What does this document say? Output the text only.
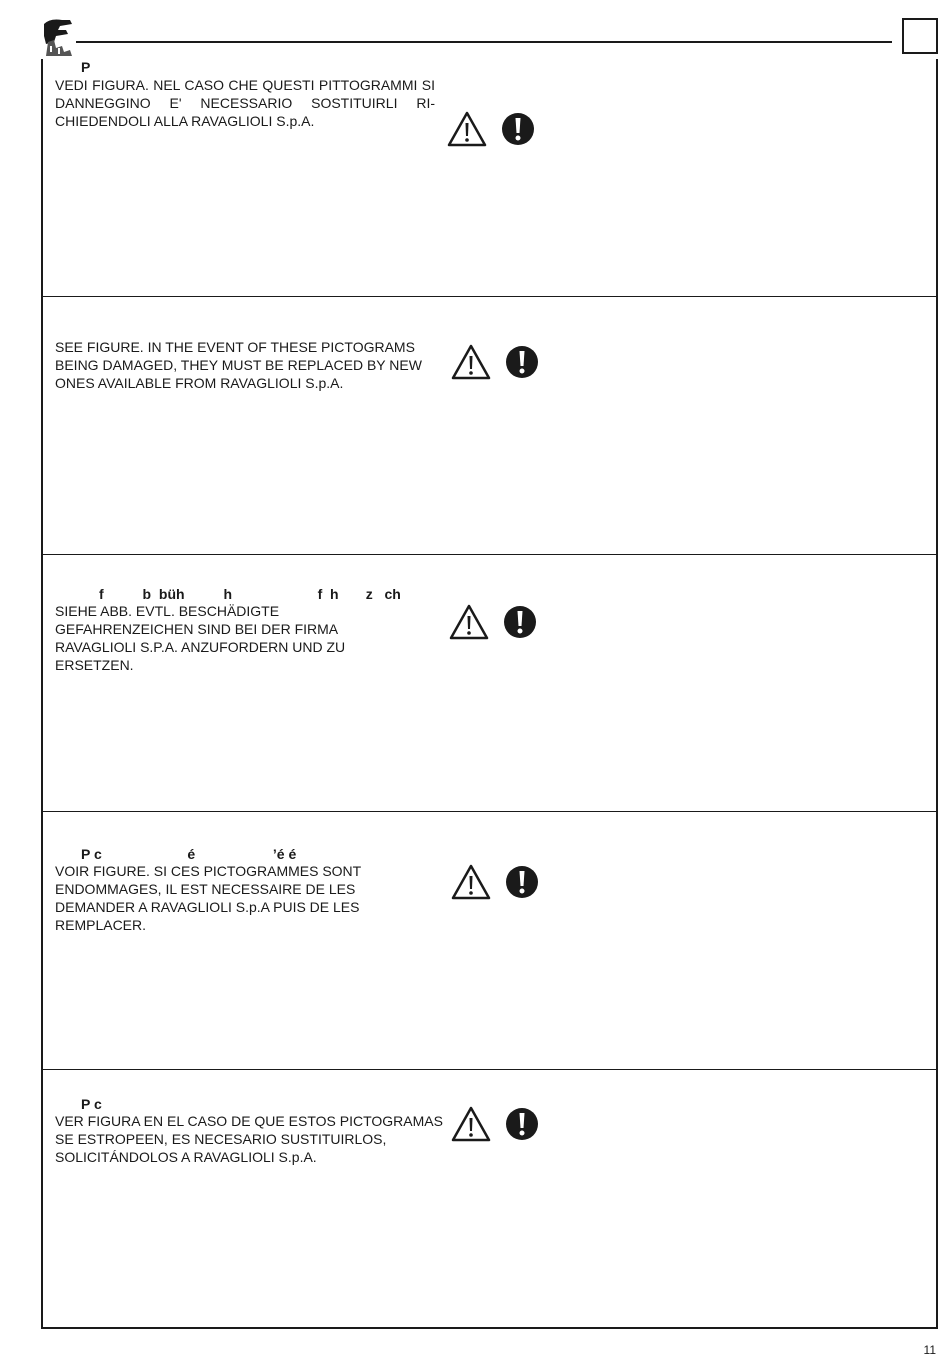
P
VEDI FIGURA. NEL CASO CHE QUESTI PITTOGRAMMI SI DANNEGGINO E' NECESSARIO SOSTITUIRLI RI-CHIEDENDOLI ALLA RAVAGLIOLI S.p.A.
SEE FIGURE. IN THE EVENT OF THESE PICTOGRAMS BEING DAMAGED, THEY MUST BE REPLACED BY NEW ONES AVAILABLE FROM RAVAGLIOLI S.p.A.
f          b  büh          h                      f  h       z   ch
SIEHE ABB. EVTL. BESCHÄDIGTE GEFAHRENZEICHEN SIND BEI DER FIRMA RAVAGLIOLI S.P.A. ANZUFORDERN UND ZU ERSETZEN.
P c                      é                    ’é é
VOIR FIGURE. SI CES PICTOGRAMMES SONT ENDOMMAGES, IL EST NECESSAIRE DE LES DEMANDER A RAVAGLIOLI S.p.A PUIS DE LES REMPLACER.
P c
VER FIGURA EN EL CASO DE QUE ESTOS PICTOGRAMAS SE ESTROPEEN, ES NECESARIO SUSTITUIRLOS, SOLICITÁNDOLOS A RAVAGLIOLI S.p.A.
11
